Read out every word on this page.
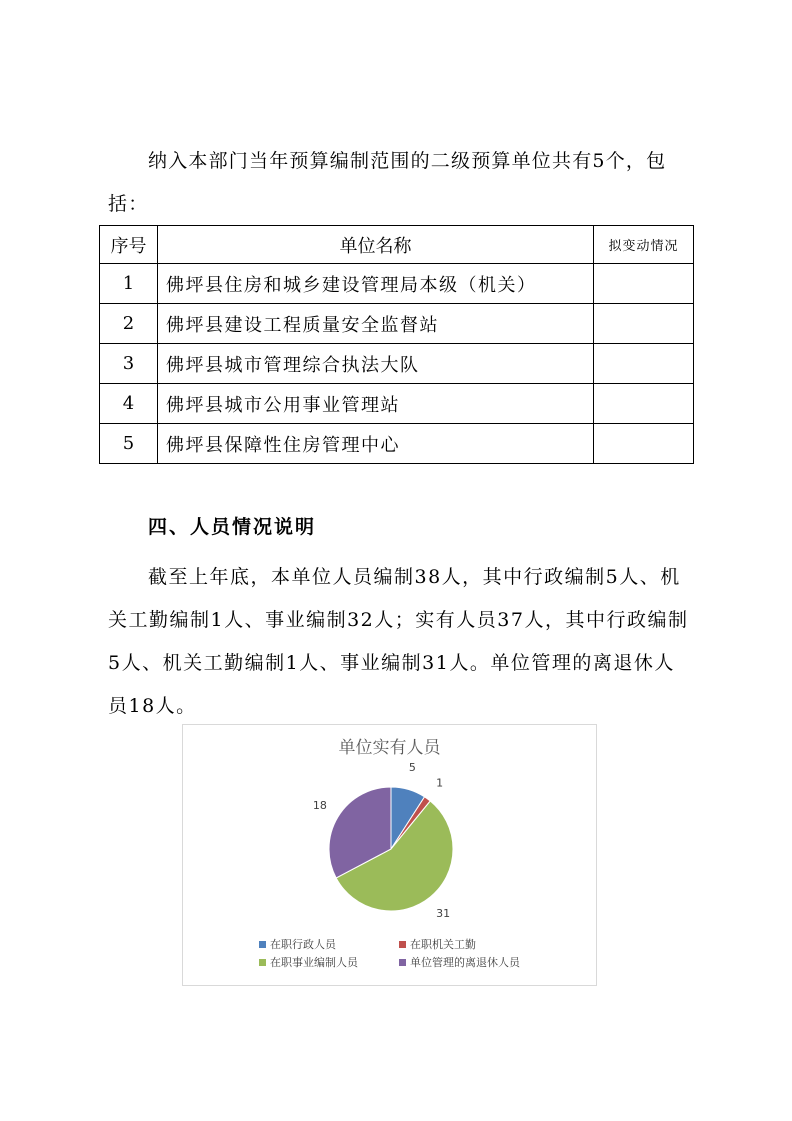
纳入本部门当年预算编制范围的二级预算单位共有5个，包括：

序号	单位名称	拟变动情况
1	佛坪县住房和城乡建设管理局本级（机关）	
2	佛坪县建设工程质量安全监督站	
3	佛坪县城市管理综合执法大队	
4	佛坪县城市公用事业管理站	
5	佛坪县保障性住房管理中心	

四、人员情况说明

截至上年底，本单位人员编制38人，其中行政编制5人、机关工勤编制1人、事业编制32人；实有人员37人，其中行政编制5人、机关工勤编制1人、事业编制31人。单位管理的离退休人员18人。

单位实有人员
5
1
31
18
在职行政人员	在职机关工勤
在职事业编制人员	单位管理的离退休人员
